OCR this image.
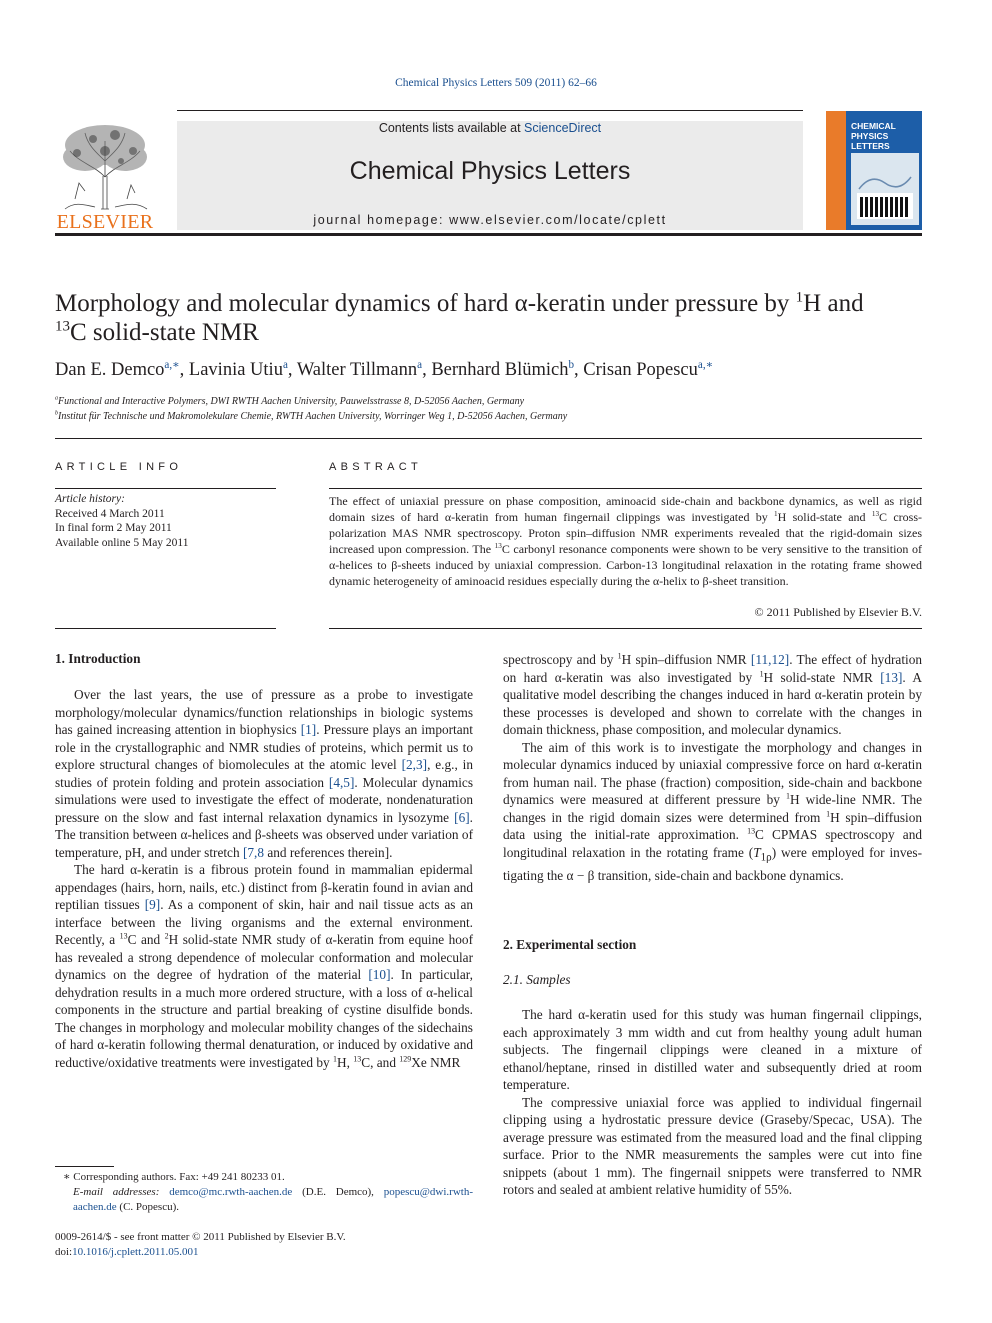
Chemical Physics Letters 509 (2011) 62–66
ELSEVIER
Contents lists available at ScienceDirect
Chemical Physics Letters
journal homepage: www.elsevier.com/locate/cplett
CHEMICAL
PHYSICS
LETTERS
Morphology and molecular dynamics of hard α-keratin under pressure by $^1$H and
$^{13}$C solid-state NMR
Dan E. Demco$^{a,∗}$, Lavinia Utiu$^a$, Walter Tillmann$^a$, Bernhard Blümich$^b$, Crisan Popescu$^{a,∗}$
$^a$Functional and Interactive Polymers, DWI RWTH Aachen University, Pauwelsstrasse 8, D-52056 Aachen, Germany
$^b$Institut für Technische und Makromolekulare Chemie, RWTH Aachen University, Worringer Weg 1, D-52056 Aachen, Germany
ARTICLE INFO	ABSTRACT
Article history:
Received 4 March 2011
In final form 2 May 2011
Available online 5 May 2011
The effect of uniaxial pressure on phase composition, aminoacid side-chain and backbone dynamics, as well as rigid domain sizes of hard α-keratin from human fingernail clippings was investigated by $^1$H solid-state and $^{13}$C cross-polarization MAS NMR spectroscopy. Proton spin–diffusion NMR experiments revealed that the rigid-domain sizes increased upon compression. The $^{13}$C carbonyl resonance components were shown to be very sensitive to the transition of α-helices to β-sheets induced by uniaxial compression. Carbon-13 longitudinal relaxation in the rotating frame showed dynamic heterogeneity of aminoacid residues especially during the α-helix to β-sheet transition.
© 2011 Published by Elsevier B.V.
1. Introduction

Over the last years, the use of pressure as a probe to investigate morphology/molecular dynamics/function relationships in biologic systems has gained increasing attention in biophysics [1]. Pressure plays an important role in the crystallographic and NMR studies of proteins, which permit us to explore structural changes of biomolecules at the atomic level [2,3], e.g., in studies of protein folding and protein association [4,5]. Molecular dynamics simulations were used to investigate the effect of moderate, nondenaturation pressure on the slow and fast internal relaxation dynamics in lysozyme [6]. The transition between α-helices and β-sheets was observed under variation of temperature, pH, and under stretch [7,8 and references therein].

The hard α-keratin is a fibrous protein found in mammalian epidermal appendages (hairs, horn, nails, etc.) distinct from β-keratin found in avian and reptilian tissues [9]. As a component of skin, hair and nail tissue acts as an interface between the living organisms and the external environment. Recently, a $^{13}$C and $^2$H solid-state NMR study of α-keratin from equine hoof has revealed a strong dependence of molecular conformation and molecular dynamics on the degree of hydration of the material [10]. In particular, dehydration results in a much more ordered structure, with a loss of α-helical components in the structure and partial breaking of cystine disulfide bonds. The changes in morphology and molecular mobility changes of the sidechains of hard α-keratin following thermal denaturation, or induced by oxidative and reductive/oxidative treatments were investigated by $^1$H, $^{13}$C, and $^{129}$Xe NMR

spectroscopy and by $^1$H spin–diffusion NMR [11,12]. The effect of hydration on hard α-keratin was also investigated by $^1$H solid-state NMR [13]. A qualitative model describing the changes induced in hard α-keratin protein by these processes is developed and shown to correlate with the changes in domain thickness, phase composition, and molecular dynamics.

The aim of this work is to investigate the morphology and changes in molecular dynamics induced by uniaxial compressive force on hard α-keratin from human nail. The phase (fraction) composition, side-chain and backbone dynamics were measured at different pressure by $^1$H wide-line NMR. The changes in the rigid domain sizes were determined from $^1$H spin–diffusion data using the initial-rate approximation. $^{13}$C CPMAS spectroscopy and longitudinal relaxation in the rotating frame $(T_{1\rho})$ were employed for investigating the α − β transition, side-chain and backbone dynamics.

2. Experimental section
2.1. Samples

The hard α-keratin used for this study was human fingernail clippings, each approximately 3 mm width and cut from healthy young adult human subjects. The fingernail clippings were cleaned in a mixture of ethanol/heptane, rinsed in distilled water and subsequently dried at room temperature.

The compressive uniaxial force was applied to individual fingernail clipping using a hydrostatic pressure device (Graseby/Specac, USA). The average pressure was estimated from the measured load and the final clipping surface. Prior to the NMR measurements the samples were cut into fine snippets (about 1 mm). The fingernail snippets were transferred to NMR rotors and sealed at ambient relative humidity of 55%.

∗ Corresponding authors. Fax: +49 241 80233 01.
E-mail addresses: demco@mc.rwth-aachen.de (D.E. Demco), popescu@dwi.rwth-aachen.de (C. Popescu).
0009-2614/$ - see front matter © 2011 Published by Elsevier B.V.
doi:10.1016/j.cplett.2011.05.001
